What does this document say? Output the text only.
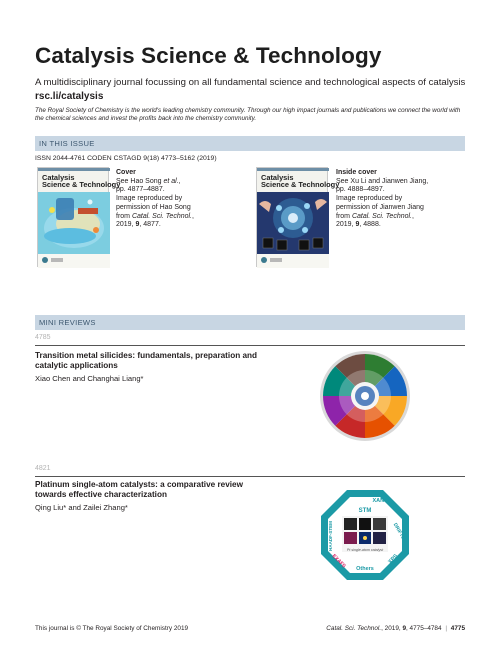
Catalysis Science & Technology
A multidisciplinary journal focussing on all fundamental science and technological aspects of catalysis
rsc.li/catalysis
The Royal Society of Chemistry is the world's leading chemistry community. Through our high impact journals and publications we connect the world with the chemical sciences and invest the profits back into the chemistry community.
IN THIS ISSUE
ISSN 2044-4761 CODEN CSTAGD 9(18) 4773–5162 (2019)
Catalysis
Science & Technology
Cover
See Hao Song et al.,
pp. 4877–4887.
Image reproduced by
permission of Hao Song
from Catal. Sci. Technol.,
2019, 9, 4877.
Catalysis
Science & Technology
Inside cover
See Xu Li and Jianwen Jiang,
pp. 4888–4897.
Image reproduced by
permission of Jianwen Jiang
from Catal. Sci. Technol.,
2019, 9, 4888.
MINI REVIEWS
4785
Transition metal silicides: fundamentals, preparation and catalytic applications
Xiao Chen and Changhai Liang*
4821
Platinum single-atom catalysts: a comparative review towards effective characterization
Qing Liu* and Zailei Zhang*	STM
XANES
HAADF-STEM	DRIFTS
EXAFS	XPS
Others
Pt single-atom catalyst
This journal is © The Royal Society of Chemistry 2019	Catal. Sci. Technol., 2019, 9, 4775–4784 | 4775
